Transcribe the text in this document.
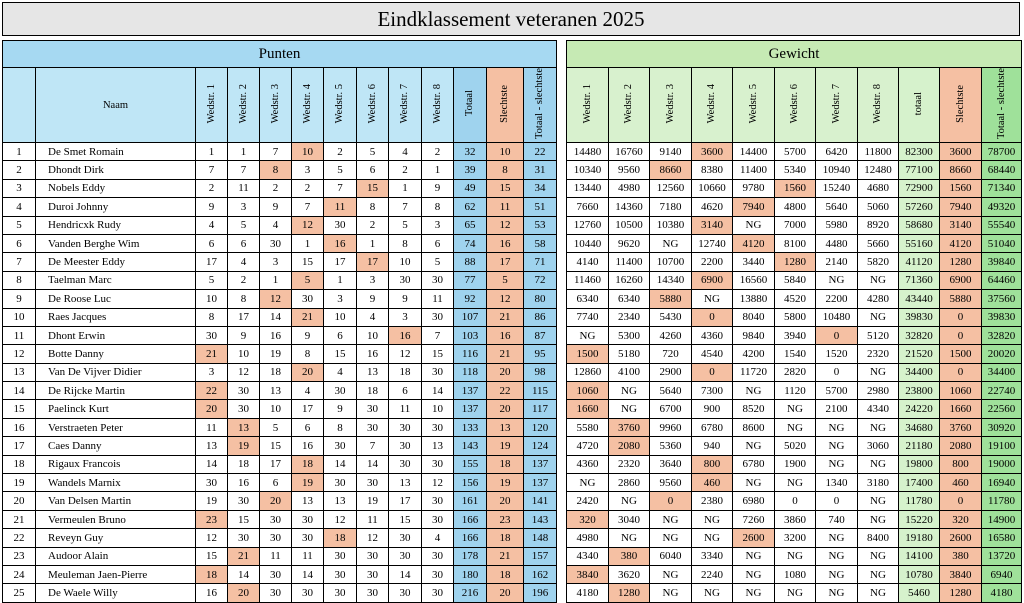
Eindklassement veteranen 2025
Punten												
	Naam	Wedstr. 1	Wedstr. 2	Wedstr. 3	Wedstr. 4	Wedstr. 5	Wedstr. 6	Wedstr. 7	Wedstr. 8	Totaal	Slechtste	Totaal - slechtste
1	De Smet Romain	1	1	7	10	2	5	4	2	32	10	22
2	Dhondt Dirk	7	7	8	3	5	6	2	1	39	8	31
3	Nobels Eddy	2	11	2	2	7	15	1	9	49	15	34
4	Duroi Johnny	9	3	9	7	11	8	7	8	62	11	51
5	Hendricxk Rudy	4	5	4	12	30	2	5	3	65	12	53
6	Vanden Berghe Wim	6	6	30	1	16	1	8	6	74	16	58
7	De Meester Eddy	17	4	3	15	17	17	10	5	88	17	71
8	Taelman Marc	5	2	1	5	1	3	30	30	77	5	72
9	De Roose Luc	10	8	12	30	3	9	9	11	92	12	80
10	Raes Jacques	8	17	14	21	10	4	3	30	107	21	86
11	Dhont Erwin	30	9	16	9	6	10	16	7	103	16	87
12	Botte Danny	21	10	19	8	15	16	12	15	116	21	95
13	Van De Vijver Didier	3	12	18	20	4	13	18	30	118	20	98
14	De Rijcke Martin	22	30	13	4	30	18	6	14	137	22	115
15	Paelinck Kurt	20	30	10	17	9	30	11	10	137	20	117
16	Verstraeten Peter	11	13	5	6	8	30	30	30	133	13	120
17	Caes Danny	13	19	15	16	30	7	30	13	143	19	124
18	Rigaux Francois	14	18	17	18	14	14	30	30	155	18	137
19	Wandels Marnix	30	16	6	19	30	30	13	12	156	19	137
20	Van Delsen Martin	19	30	20	13	13	19	17	30	161	20	141
21	Vermeulen Bruno	23	15	30	30	12	11	15	30	166	23	143
22	Reveyn Guy	12	30	30	30	18	12	30	4	166	18	148
23	Audoor Alain	15	21	11	11	30	30	30	30	178	21	157
24	Meuleman Jaen-Pierre	18	14	30	14	30	30	14	30	180	18	162
25	De Waele Willy	16	20	30	30	30	30	30	30	216	20	196
Gewicht										
Wedstr. 1	Wedstr. 2	Wedstr. 3	Wedstr. 4	Wedstr. 5	Wedstr. 6	Wedstr. 7	Wedstr. 8	totaal	Slechtste	Totaal - slechtste
14480	16760	9140	3600	14400	5700	6420	11800	82300	3600	78700
10340	9560	8660	8380	11400	5340	10940	12480	77100	8660	68440
13440	4980	12560	10660	9780	1560	15240	4680	72900	1560	71340
7660	14360	7180	4620	7940	4800	5640	5060	57260	7940	49320
12760	10500	10380	3140	NG	7000	5980	8920	58680	3140	55540
10440	9620	NG	12740	4120	8100	4480	5660	55160	4120	51040
4140	11400	10700	2200	3440	1280	2140	5820	41120	1280	39840
11460	16260	14340	6900	16560	5840	NG	NG	71360	6900	64460
6340	6340	5880	NG	13880	4520	2200	4280	43440	5880	37560
7740	2340	5430	0	8040	5800	10480	NG	39830	0	39830
NG	5300	4260	4360	9840	3940	0	5120	32820	0	32820
1500	5180	720	4540	4200	1540	1520	2320	21520	1500	20020
12860	4100	2900	0	11720	2820	0	NG	34400	0	34400
1060	NG	5640	7300	NG	1120	5700	2980	23800	1060	22740
1660	NG	6700	900	8520	NG	2100	4340	24220	1660	22560
5580	3760	9960	6780	8600	NG	NG	NG	34680	3760	30920
4720	2080	5360	940	NG	5020	NG	3060	21180	2080	19100
4360	2320	3640	800	6780	1900	NG	NG	19800	800	19000
NG	2860	9560	460	NG	NG	1340	3180	17400	460	16940
2420	NG	0	2380	6980	0	0	NG	11780	0	11780
320	3040	NG	NG	7260	3860	740	NG	15220	320	14900
4980	NG	NG	NG	2600	3200	NG	8400	19180	2600	16580
4340	380	6040	3340	NG	NG	NG	NG	14100	380	13720
3840	3620	NG	2240	NG	1080	NG	NG	10780	3840	6940
4180	1280	NG	NG	NG	NG	NG	NG	5460	1280	4180
